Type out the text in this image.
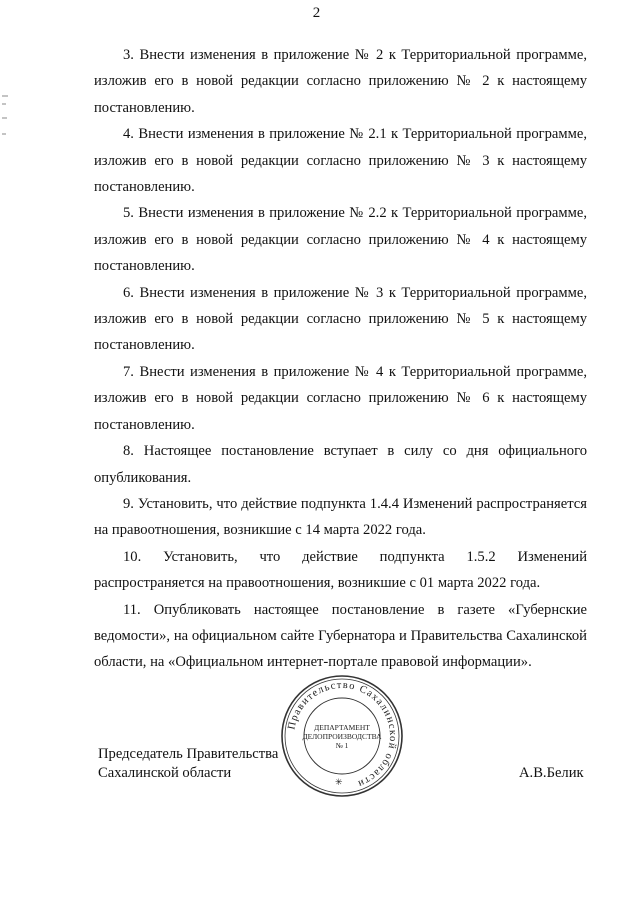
2

3. Внести изменения в приложение № 2 к Территориальной программе, изложив его в новой редакции согласно приложению № 2 к настоящему постановлению.

4. Внести изменения в приложение № 2.1 к Территориальной программе, изложив его в новой редакции согласно приложению № 3 к настоящему постановлению.

5. Внести изменения в приложение № 2.2 к Территориальной программе, изложив его в новой редакции согласно приложению № 4 к настоящему постановлению.

6. Внести изменения в приложение № 3 к Территориальной программе, изложив его в новой редакции согласно приложению № 5 к настоящему постановлению.

7. Внести изменения в приложение № 4 к Территориальной программе, изложив его в новой редакции согласно приложению № 6 к настоящему постановлению.

8. Настоящее постановление вступает в силу со дня официального опубликования.

9. Установить, что действие подпункта 1.4.4 Изменений распространяется на правоотношения, возникшие с 14 марта 2022 года.

10. Установить, что действие подпункта 1.5.2 Изменений распространяется на правоотношения, возникшие с 01 марта 2022 года.

11. Опубликовать настоящее постановление в газете «Губернские ведомости», на официальном сайте Губернатора и Правительства Сахалинской области, на «Официальном интернет-портале правовой информации».

Правительство Сахалинской области
✳
ДЕПАРТАМЕНТ
ДЕЛОПРОИЗВОДСТВА
№ 1
Председатель Правительства
Сахалинской области	А.В.Белик
